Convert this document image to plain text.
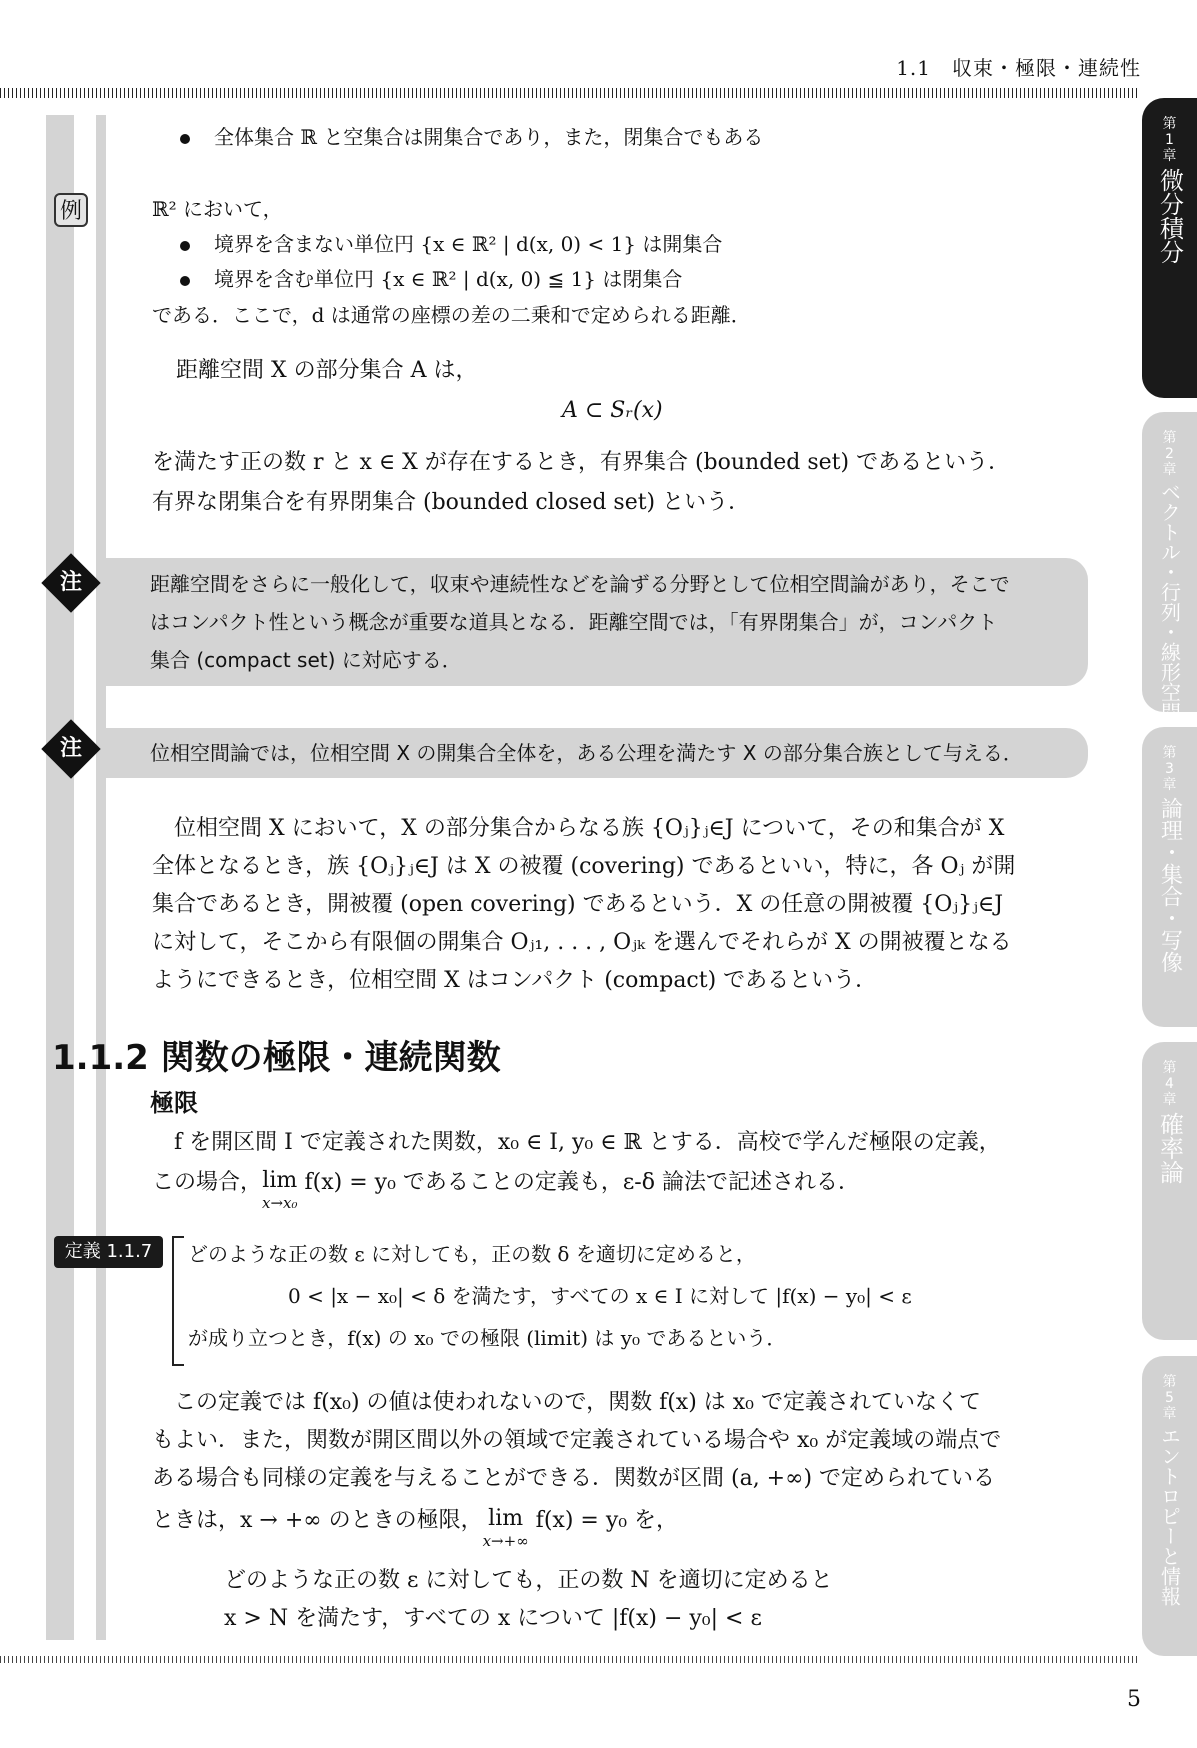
1.1　収束・極限・連続性
第
1
章
微分積分
第
2
章
ベクトル・行列・線形空間
第
3
章
論理・集合・写像
第
4
章
確率論
第
5
章
エントロピーと情報
全体集合 ℝ と空集合は開集合であり，また，閉集合でもある
例	ℝ² において，
境界を含まない単位円 {x ∈ ℝ² | d(x, 0) < 1} は開集合
境界を含む単位円 {x ∈ ℝ² | d(x, 0) ≦ 1} は閉集合
である．ここで，d は通常の座標の差の二乗和で定められる距離．
距離空間 X の部分集合 A は，
A ⊂ Sᵣ(x)
を満たす正の数 r と x ∈ X が存在するとき，有界集合 (bounded set) であるという．
有界な閉集合を有界閉集合 (bounded closed set) という．
距離空間をさらに一般化して，収束や連続性などを論ずる分野として位相空間論があり，そこで
はコンパクト性という概念が重要な道具となる．距離空間では，「有界閉集合」が，コンパクト
集合 (compact set) に対応する．
注
位相空間論では，位相空間 X の開集合全体を，ある公理を満たす X の部分集合族として与える．
注
　位相空間 X において，X の部分集合からなる族 {Oⱼ}ⱼ∈J について，その和集合が X
全体となるとき，族 {Oⱼ}ⱼ∈J は X の被覆 (covering) であるといい，特に，各 Oⱼ が開
集合であるとき，開被覆 (open covering) であるという．X の任意の開被覆 {Oⱼ}ⱼ∈J
に対して，そこから有限個の開集合 Oⱼ₁, . . . , Oⱼₖ を選んでそれらが X の開被覆となる
ようにできるとき，位相空間 X はコンパクト (compact) であるという．
1.1.2 関数の極限・連続関数
極限
　f を開区間 I で定義された関数，x₀ ∈ I, y₀ ∈ ℝ とする．高校で学んだ極限の定義，
この場合， lim
x→x₀
f(x) = y₀ であることの定義も，ε-δ 論法で記述される．
定義 1.1.7	どのような正の数 ε に対しても，正の数 δ を適切に定めると，
0 < |x − x₀| < δ を満たす，すべての x ∈ I に対して |f(x) − y₀| < ε
が成り立つとき，f(x) の x₀ での極限 (limit) は y₀ であるという．
　この定義では f(x₀) の値は使われないので，関数 f(x) は x₀ で定義されていなくて
もよい．また，関数が開区間以外の領域で定義されている場合や x₀ が定義域の端点で
ある場合も同様の定義を与えることができる．関数が区間 (a, +∞) で定められている
ときは，x → +∞ のときの極限， lim
x→+∞
f(x) = y₀ を，
どのような正の数 ε に対しても，正の数 N を適切に定めると
x > N を満たす，すべての x について |f(x) − y₀| < ε
5
